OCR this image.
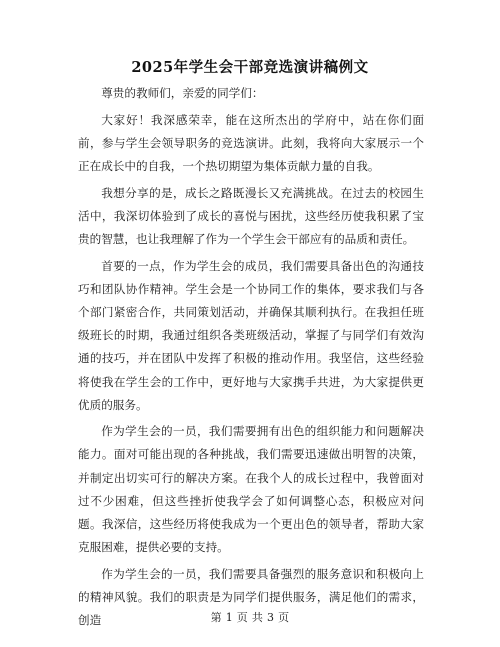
2025年学生会干部竞选演讲稿例文

尊贵的教师们，亲爱的同学们：

大家好！我深感荣幸，能在这所杰出的学府中，站在你们面前，参与学生会领导职务的竞选演讲。此刻，我将向大家展示一个正在成长中的自我，一个热切期望为集体贡献力量的自我。

我想分享的是，成长之路既漫长又充满挑战。在过去的校园生活中，我深切体验到了成长的喜悦与困扰，这些经历使我积累了宝贵的智慧，也让我理解了作为一个学生会干部应有的品质和责任。

首要的一点，作为学生会的成员，我们需要具备出色的沟通技巧和团队协作精神。学生会是一个协同工作的集体，要求我们与各个部门紧密合作，共同策划活动，并确保其顺利执行。在我担任班级班长的时期，我通过组织各类班级活动，掌握了与同学们有效沟通的技巧，并在团队中发挥了积极的推动作用。我坚信，这些经验将使我在学生会的工作中，更好地与大家携手共进，为大家提供更优质的服务。

作为学生会的一员，我们需要拥有出色的组织能力和问题解决能力。面对可能出现的各种挑战，我们需要迅速做出明智的决策，并制定出切实可行的解决方案。在我个人的成长过程中，我曾面对过不少困难，但这些挫折使我学会了如何调整心态，积极应对问题。我深信，这些经历将使我成为一个更出色的领导者，帮助大家克服困难，提供必要的支持。

作为学生会的一员，我们需要具备强烈的服务意识和积极向上的精神风貌。我们的职责是为同学们提供服务，满足他们的需求，创造	第 1 页 共 3 页
